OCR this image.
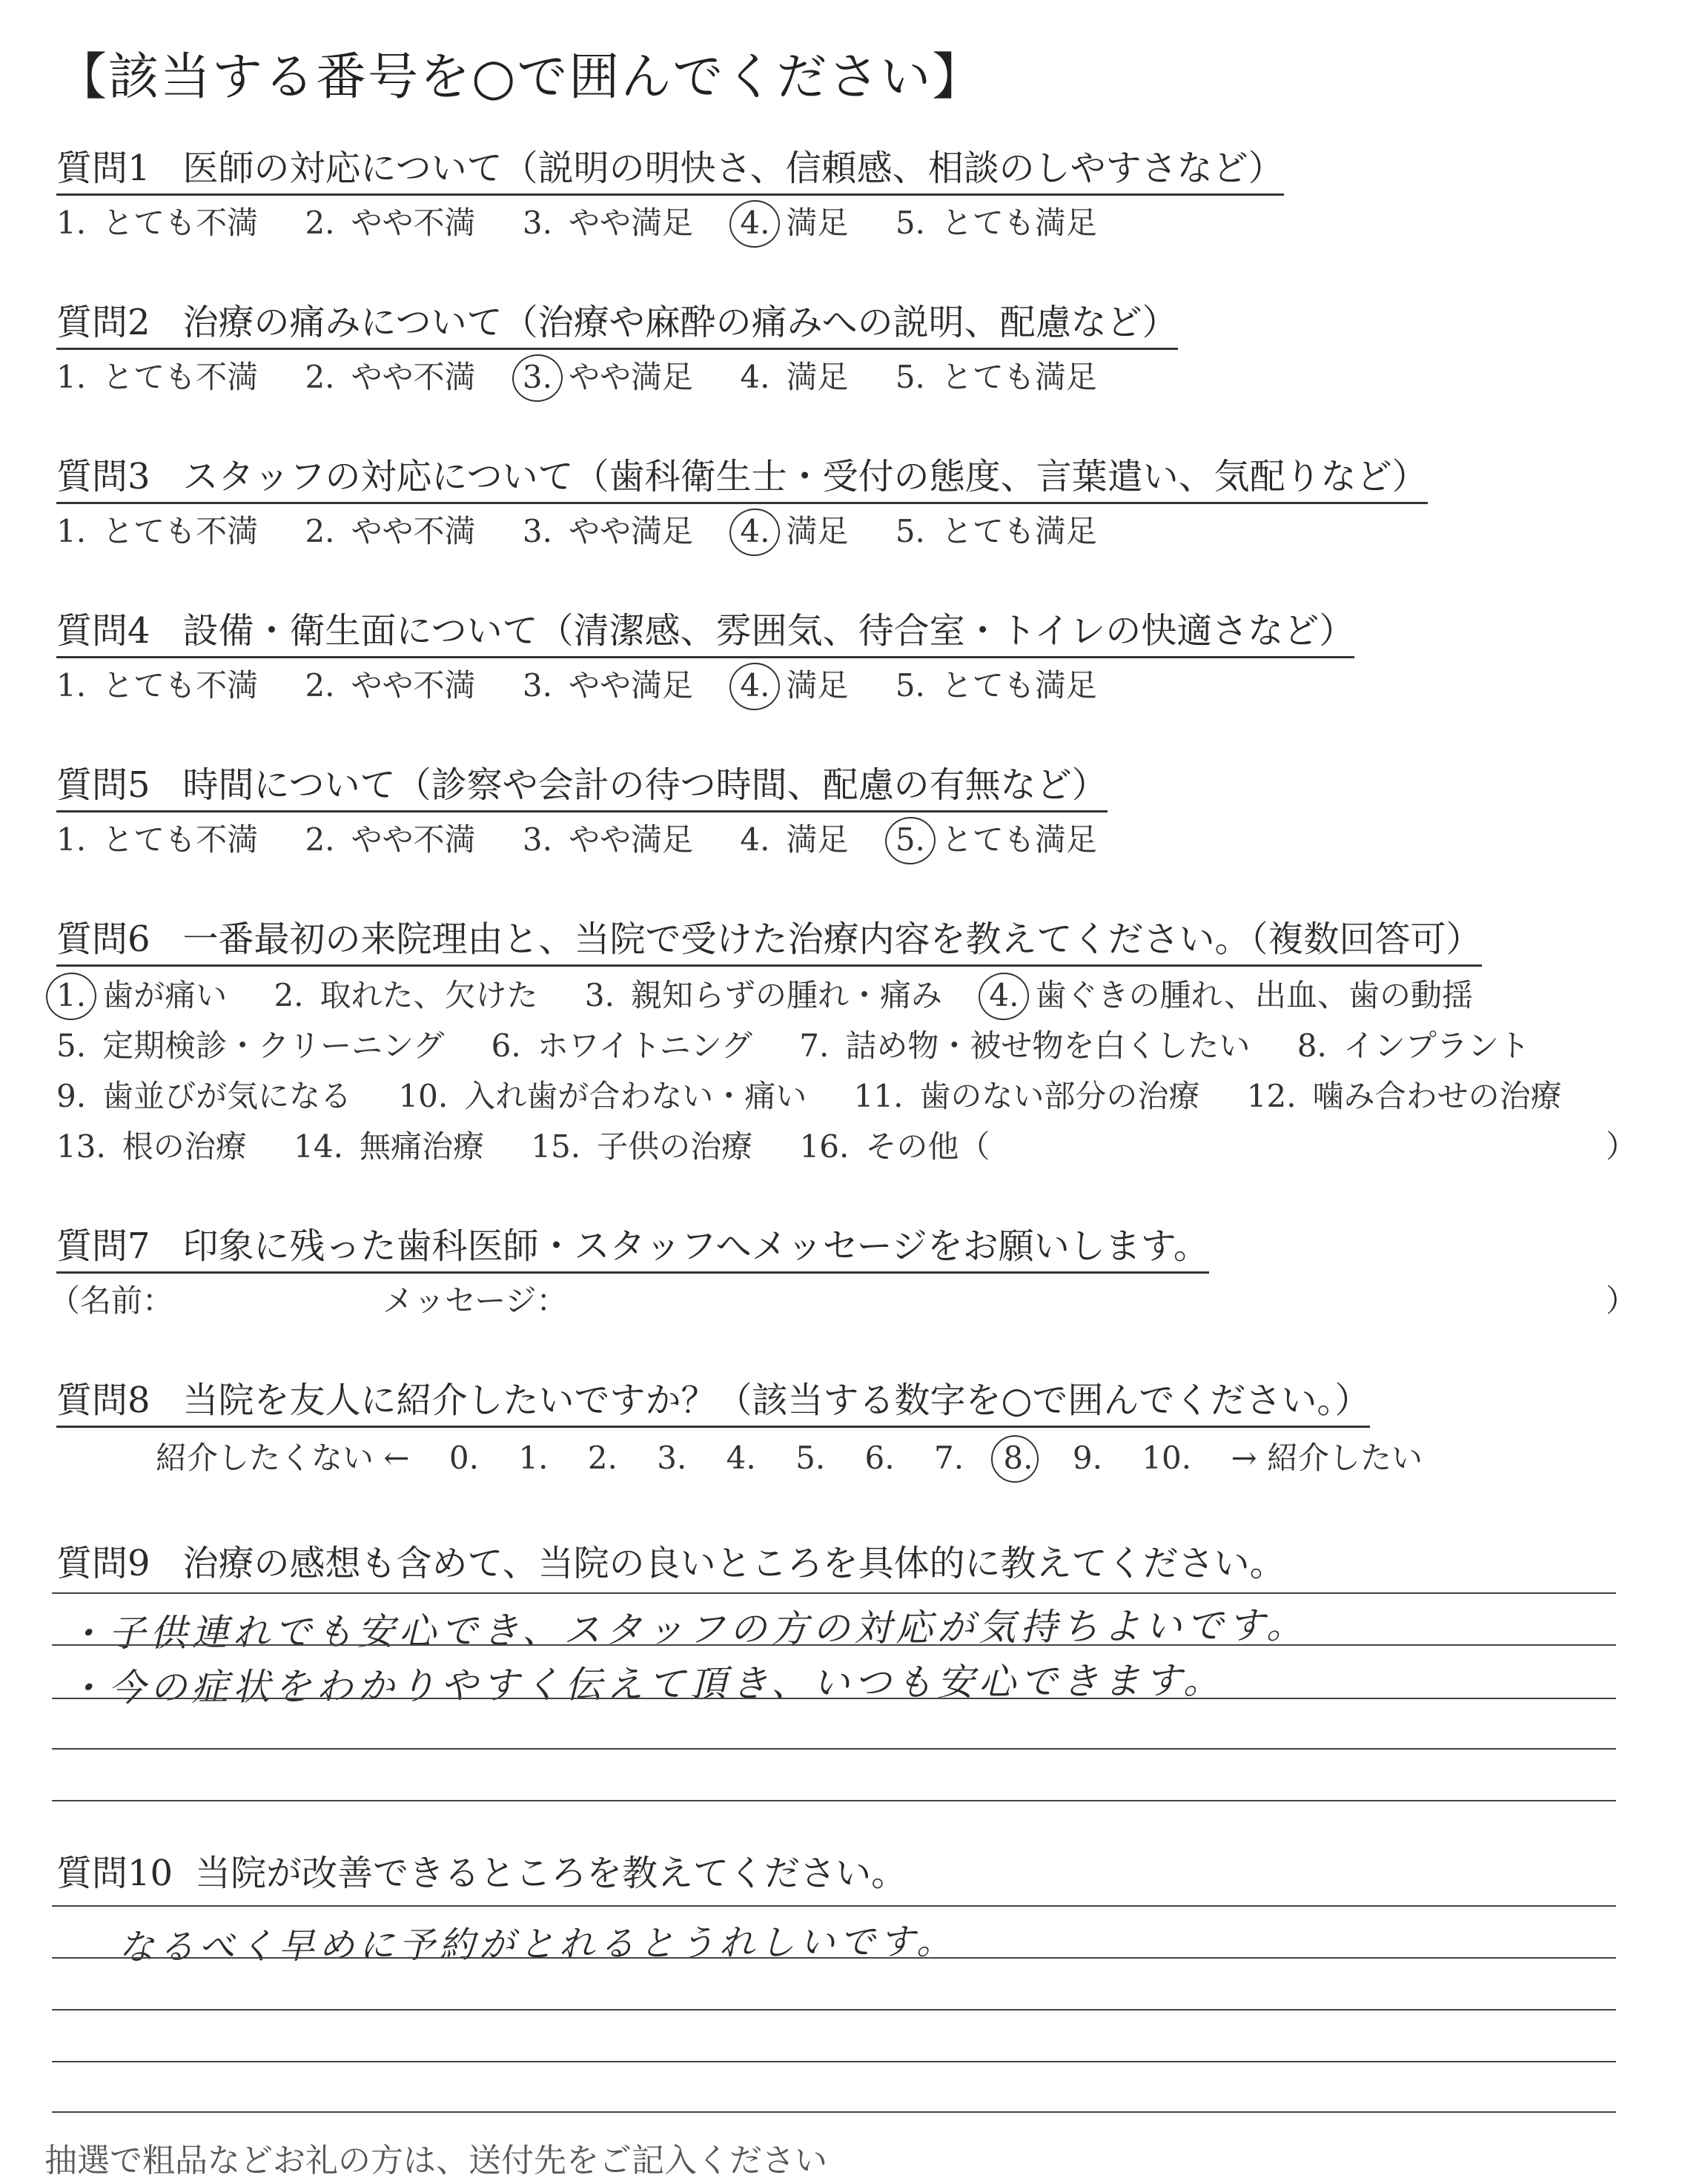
【該当する番号を○で囲んでください】
質問1 医師の対応について（説明の明快さ、信頼感、相談のしやすさなど）
1. とても不満 2. やや不満 3. やや満足 4. 満足 5. とても満足
質問2 治療の痛みについて（治療や麻酔の痛みへの説明、配慮など）
1. とても不満 2. やや不満 3. やや満足 4. 満足 5. とても満足
質問3 スタッフの対応について（歯科衛生士・受付の態度、言葉遣い、気配りなど）
1. とても不満 2. やや不満 3. やや満足 4. 満足 5. とても満足
質問4 設備・衛生面について（清潔感、雰囲気、待合室・トイレの快適さなど）
1. とても不満 2. やや不満 3. やや満足 4. 満足 5. とても満足
質問5 時間について（診察や会計の待つ時間、配慮の有無など）
1. とても不満 2. やや不満 3. やや満足 4. 満足 5. とても満足
質問6 一番最初の来院理由と、当院で受けた治療内容を教えてください。（複数回答可）
1. 歯が痛い 2. 取れた、欠けた 3. 親知らずの腫れ・痛み 4. 歯ぐきの腫れ、出血、歯の動揺
5. 定期検診・クリーニング 6. ホワイトニング 7. 詰め物・被せ物を白くしたい 8. インプラント
9. 歯並びが気になる 10. 入れ歯が合わない・痛い 11. 歯のない部分の治療 12. 噛み合わせの治療
13. 根の治療 14. 無痛治療 15. 子供の治療 16. その他（	）
質問7 印象に残った歯科医師・スタッフへメッセージをお願いします。
（名前：	メッセージ：	）
質問8 当院を友人に紹介したいですか？（該当する数字を○で囲んでください。）
紹介したくない ← 0. 1. 2. 3. 4. 5. 6. 7. 8. 9. 10. → 紹介したい
質問9 治療の感想も含めて、当院の良いところを具体的に教えてください。
・子供連れでも安心でき、スタッフの方の対応が気持ちよいです。
・今の症状をわかりやすく伝えて頂き、いつも安心できます。
質問10 当院が改善できるところを教えてください。
なるべく早めに予約がとれるとうれしいです。
抽選で粗品などお礼の方は、送付先をご記入ください
